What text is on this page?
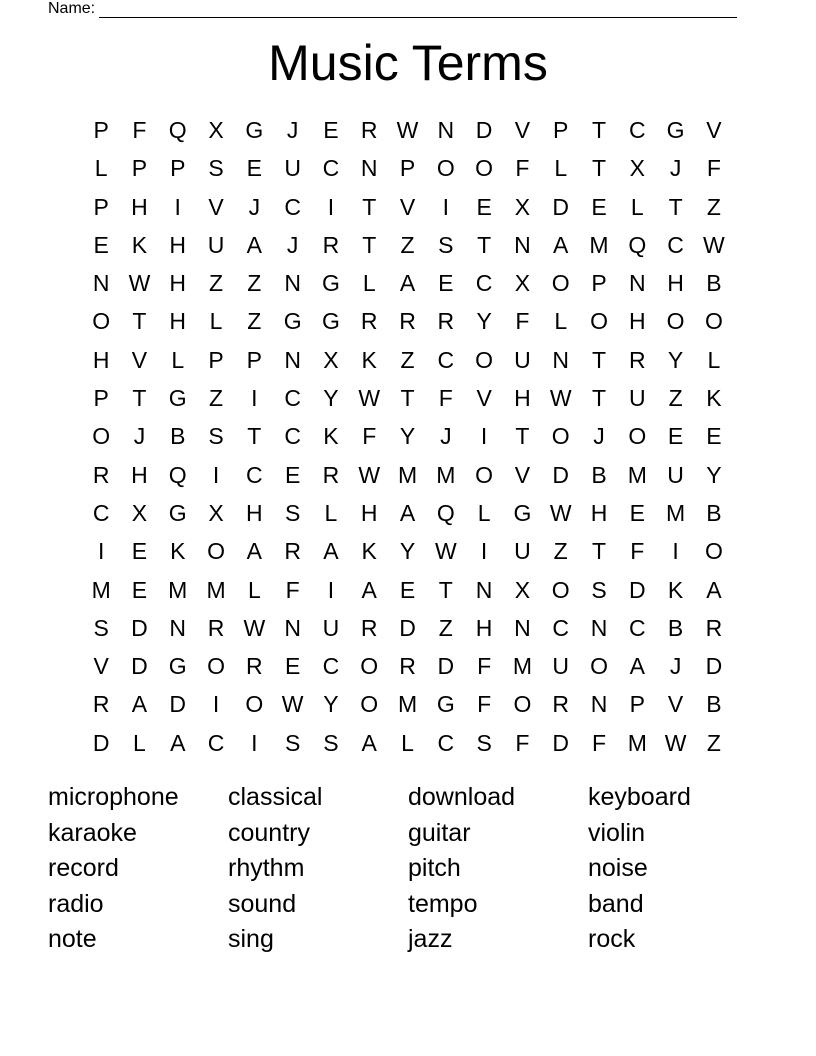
Name:
Music Terms
P	F Q X G	J	E R W N D V P	T C G V
L	P P S E U C N P O O F	L	T	X	J	F
P H	I	V	J	C	I	T	V	I	E X D E	L	T	Z
E K H U A	J	R T	Z	S	T N A M Q C W
N W H Z	Z N G L	A E C X O P N H B
O T H	L	Z G G R R R Y	F	L O H O O
H V	L	P P N X K	Z C O U N T R Y	L
P	T G Z	I	C Y W T	F	V H W T U Z	K
O	J	B S	T C K	F	Y	J	I	T O	J	O E E
R H Q	I	C E R W M M O V D B M U Y
C X G X H S	L	H A Q L G W H E M B
I	E K O A R A K Y W	I	U Z	T	F	I	O
M E M M L	F	I	A E	T N X O S D K A
S D N R W N U R D Z H N C N C B R
V D G O R E C O R D F M U O A	J	D
R A D	I	O W Y O M G F O R N P V B
D	L	A C	I	S S A	L	C S	F D F M W Z
microphone	classical	download	keyboard
karaoke	country	guitar	violin
record	rhythm	pitch	noise
radio	sound	tempo	band
note	sing	jazz	rock
